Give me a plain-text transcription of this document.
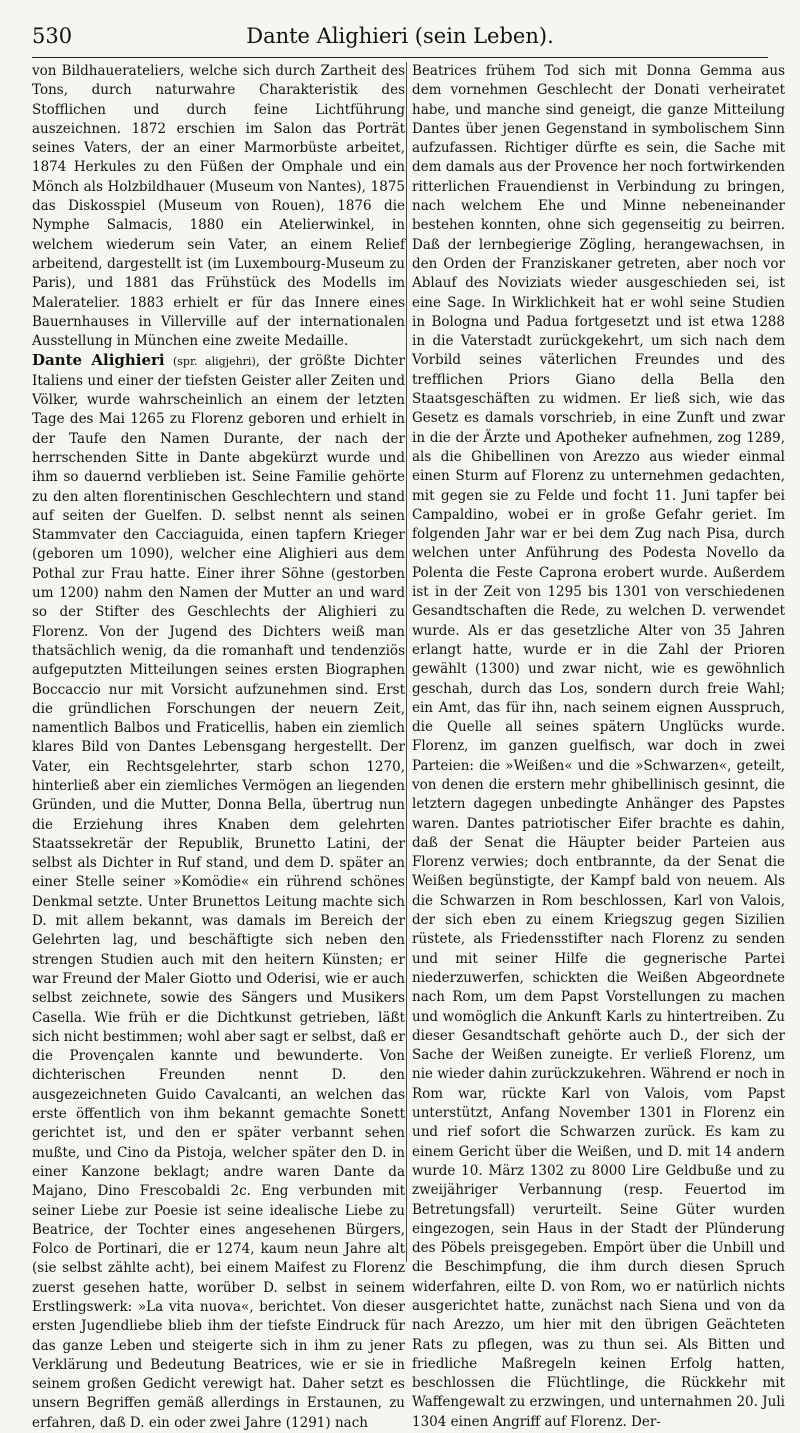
530	Dante Alighieri (sein Leben).

von Bildhauerateliers, welche sich durch Zartheit des Tons, durch naturwahre Charakteristik des Stofflichen und durch feine Lichtführung auszeichnen. 1872 erschien im Salon das Porträt seines Vaters, der an einer Marmorbüste arbeitet, 1874 Herkules zu den Füßen der Omphale und ein Mönch als Holzbildhauer (Museum von Nantes), 1875 das Diskosspiel (Museum von Rouen), 1876 die Nymphe Salmacis, 1880 ein Atelierwinkel, in welchem wiederum sein Vater, an einem Relief arbeitend, dargestellt ist (im Luxembourg-Museum zu Paris), und 1881 das Frühstück des Modells im Maleratelier. 1883 erhielt er für das Innere eines Bauernhauses in Villerville auf der internationalen Ausstellung in München eine zweite Medaille.

Dante Alighieri (spr. aligjehri), der größte Dichter Italiens und einer der tiefsten Geister aller Zeiten und Völker, wurde wahrscheinlich an einem der letzten Tage des Mai 1265 zu Florenz geboren und erhielt in der Taufe den Namen Durante, der nach der herrschenden Sitte in Dante abgekürzt wurde und ihm so dauernd verblieben ist. Seine Familie gehörte zu den alten florentinischen Geschlechtern und stand auf seiten der Guelfen. D. selbst nennt als seinen Stammvater den Cacciaguida, einen tapfern Krieger (geboren um 1090), welcher eine Alighieri aus dem Pothal zur Frau hatte. Einer ihrer Söhne (gestorben um 1200) nahm den Namen der Mutter an und ward so der Stifter des Geschlechts der Alighieri zu Florenz. Von der Jugend des Dichters weiß man thatsächlich wenig, da die romanhaft und tendenziös aufgeputzten Mitteilungen seines ersten Biographen Boccaccio nur mit Vorsicht aufzunehmen sind. Erst die gründlichen Forschungen der neuern Zeit, namentlich Balbos und Fraticellis, haben ein ziemlich klares Bild von Dantes Lebensgang hergestellt. Der Vater, ein Rechtsgelehrter, starb schon 1270, hinterließ aber ein ziemliches Vermögen an liegenden Gründen, und die Mutter, Donna Bella, übertrug nun die Erziehung ihres Knaben dem gelehrten Staatssekretär der Republik, Brunetto Latini, der selbst als Dichter in Ruf stand, und dem D. später an einer Stelle seiner »Komödie« ein rührend schönes Denkmal setzte. Unter Brunettos Leitung machte sich D. mit allem bekannt, was damals im Bereich der Gelehrten lag, und beschäftigte sich neben den strengen Studien auch mit den heitern Künsten; er war Freund der Maler Giotto und Oderisi, wie er auch selbst zeichnete, sowie des Sängers und Musikers Casella. Wie früh er die Dichtkunst getrieben, läßt sich nicht bestimmen; wohl aber sagt er selbst, daß er die Provençalen kannte und bewunderte. Von dichterischen Freunden nennt D. den ausgezeichneten Guido Cavalcanti, an welchen das erste öffentlich von ihm bekannt gemachte Sonett gerichtet ist, und den er später verbannt sehen mußte, und Cino da Pistoja, welcher später den D. in einer Kanzone beklagt; andre waren Dante da Majano, Dino Frescobaldi 2c. Eng verbunden mit seiner Liebe zur Poesie ist seine idealische Liebe zu Beatrice, der Tochter eines angesehenen Bürgers, Folco de Portinari, die er 1274, kaum neun Jahre alt (sie selbst zählte acht), bei einem Maifest zu Florenz zuerst gesehen hatte, worüber D. selbst in seinem Erstlingswerk: »La vita nuova«, berichtet. Von dieser ersten Jugendliebe blieb ihm der tiefste Eindruck für das ganze Leben und steigerte sich in ihm zu jener Verklärung und Bedeutung Beatrices, wie er sie in seinem großen Gedicht verewigt hat. Daher setzt es unsern Begriffen gemäß allerdings in Erstaunen, zu erfahren, daß D. ein oder zwei Jahre (1291) nach

Beatrices frühem Tod sich mit Donna Gemma aus dem vornehmen Geschlecht der Donati verheiratet habe, und manche sind geneigt, die ganze Mitteilung Dantes über jenen Gegenstand in symbolischem Sinn aufzufassen. Richtiger dürfte es sein, die Sache mit dem damals aus der Provence her noch fortwirkenden ritterlichen Frauendienst in Verbindung zu bringen, nach welchem Ehe und Minne nebeneinander bestehen konnten, ohne sich gegenseitig zu beirren. Daß der lernbegierige Zögling, herangewachsen, in den Orden der Franziskaner getreten, aber noch vor Ablauf des Noviziats wieder ausgeschieden sei, ist eine Sage. In Wirklichkeit hat er wohl seine Studien in Bologna und Padua fortgesetzt und ist etwa 1288 in die Vaterstadt zurückgekehrt, um sich nach dem Vorbild seines väterlichen Freundes und des trefflichen Priors Giano della Bella den Staatsgeschäften zu widmen. Er ließ sich, wie das Gesetz es damals vorschrieb, in eine Zunft und zwar in die der Ärzte und Apotheker aufnehmen, zog 1289, als die Ghibellinen von Arezzo aus wieder einmal einen Sturm auf Florenz zu unternehmen gedachten, mit gegen sie zu Felde und focht 11. Juni tapfer bei Campaldino, wobei er in große Gefahr geriet. Im folgenden Jahr war er bei dem Zug nach Pisa, durch welchen unter Anführung des Podesta Novello da Polenta die Feste Caprona erobert wurde. Außerdem ist in der Zeit von 1295 bis 1301 von verschiedenen Gesandtschaften die Rede, zu welchen D. verwendet wurde. Als er das gesetzliche Alter von 35 Jahren erlangt hatte, wurde er in die Zahl der Prioren gewählt (1300) und zwar nicht, wie es gewöhnlich geschah, durch das Los, sondern durch freie Wahl; ein Amt, das für ihn, nach seinem eignen Ausspruch, die Quelle all seines spätern Unglücks wurde. Florenz, im ganzen guelfisch, war doch in zwei Parteien: die »Weißen« und die »Schwarzen«, geteilt, von denen die erstern mehr ghibellinisch gesinnt, die letztern dagegen unbedingte Anhänger des Papstes waren. Dantes patriotischer Eifer brachte es dahin, daß der Senat die Häupter beider Parteien aus Florenz verwies; doch entbrannte, da der Senat die Weißen begünstigte, der Kampf bald von neuem. Als die Schwarzen in Rom beschlossen, Karl von Valois, der sich eben zu einem Kriegszug gegen Sizilien rüstete, als Friedensstifter nach Florenz zu senden und mit seiner Hilfe die gegnerische Partei niederzuwerfen, schickten die Weißen Abgeordnete nach Rom, um dem Papst Vorstellungen zu machen und womöglich die Ankunft Karls zu hintertreiben. Zu dieser Gesandtschaft gehörte auch D., der sich der Sache der Weißen zuneigte. Er verließ Florenz, um nie wieder dahin zurückzukehren. Während er noch in Rom war, rückte Karl von Valois, vom Papst unterstützt, Anfang November 1301 in Florenz ein und rief sofort die Schwarzen zurück. Es kam zu einem Gericht über die Weißen, und D. mit 14 andern wurde 10. März 1302 zu 8000 Lire Geldbuße und zu zweijähriger Verbannung (resp. Feuertod im Betretungsfall) verurteilt. Seine Güter wurden eingezogen, sein Haus in der Stadt der Plünderung des Pöbels preisgegeben. Empört über die Unbill und die Beschimpfung, die ihm durch diesen Spruch widerfahren, eilte D. von Rom, wo er natürlich nichts ausgerichtet hatte, zunächst nach Siena und von da nach Arezzo, um hier mit den übrigen Geächteten Rats zu pflegen, was zu thun sei. Als Bitten und friedliche Maßregeln keinen Erfolg hatten, beschlossen die Flüchtlinge, die Rückkehr mit Waffengewalt zu erzwingen, und unternahmen 20. Juli 1304 einen Angriff auf Florenz. Der-
